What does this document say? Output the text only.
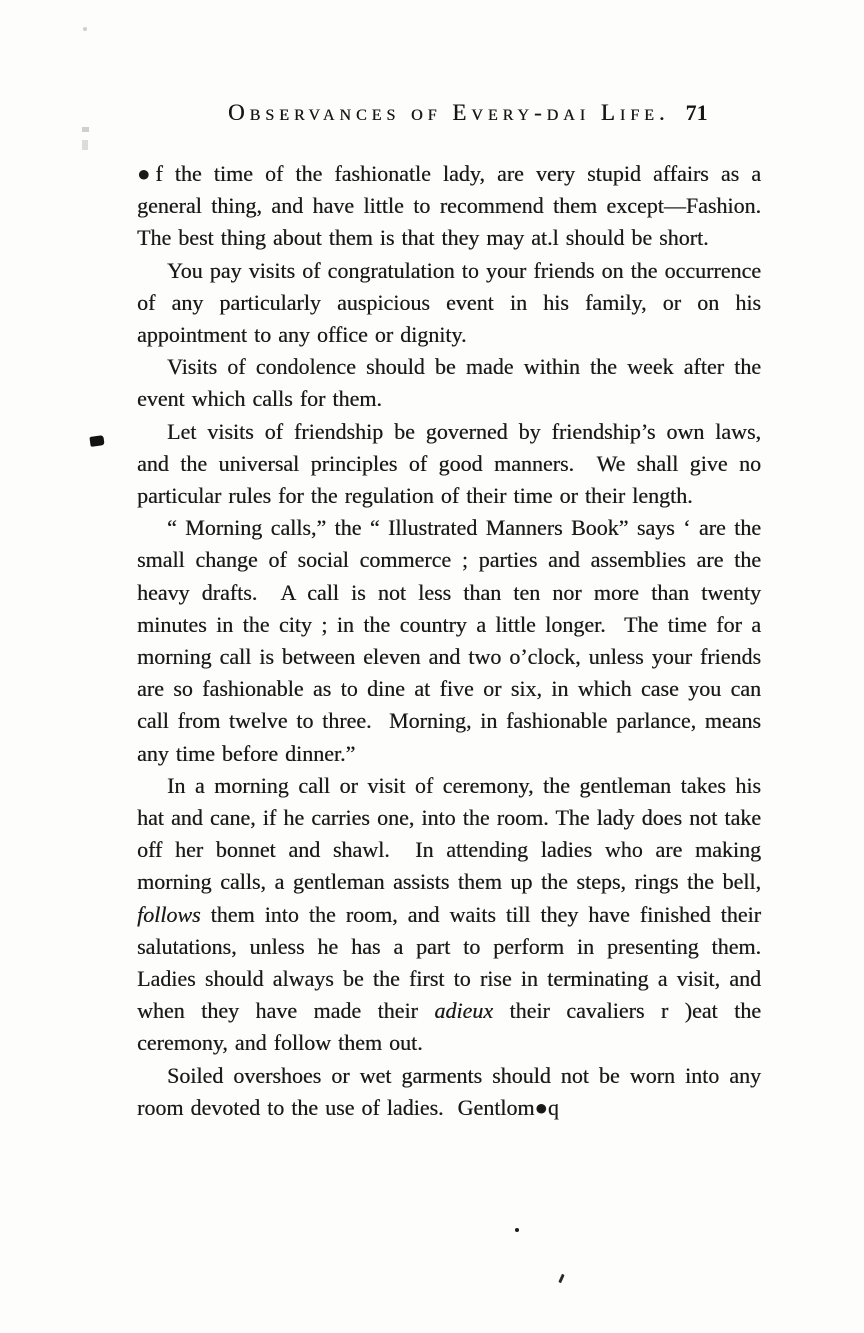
Observances of Every-daı Life. 71

●f the time of the fashionatle lady, are very stupid affairs as a general thing, and have little to recommend them except—Fashion.  The best thing about them is that they may at.l should be short.

You pay visits of congratulation to your friends on the occurrence of any particularly auspicious event in his family, or on his appointment to any office or dignity.

Visits of condolence should be made within the week after the event which calls for them.

Let visits of friendship be governed by friendship’s own laws, and the universal principles of good manners.  We shall give no particular rules for the regulation of their time or their length.

“ Morning calls,” the “ Illustrated Manners Book” says ‘ are the small change of social commerce ; parties and assemblies are the heavy drafts.  A call is not less than ten nor more than twenty minutes in the city ; in the country a little longer.  The time for a morning call is between eleven and two o’clock, unless your friends are so fashionable as to dine at five or six, in which case you can call from twelve to three.  Morning, in fashionable parlance, means any time before dinner.”

In a morning call or visit of ceremony, the gentleman takes his hat and cane, if he carries one, into the room. The lady does not take off her bonnet and shawl.  In attending ladies who are making morning calls, a gentleman assists them up the steps, rings the bell, follows them into the room, and waits till they have finished their salutations, unless he has a part to perform in presenting them.  Ladies should always be the first to rise in terminating a visit, and when they have made their adieux their cavaliers r )eat the ceremony, and follow them out.

Soiled overshoes or wet garments should not be worn into any room devoted to the use of ladies.  Gentlom●q
